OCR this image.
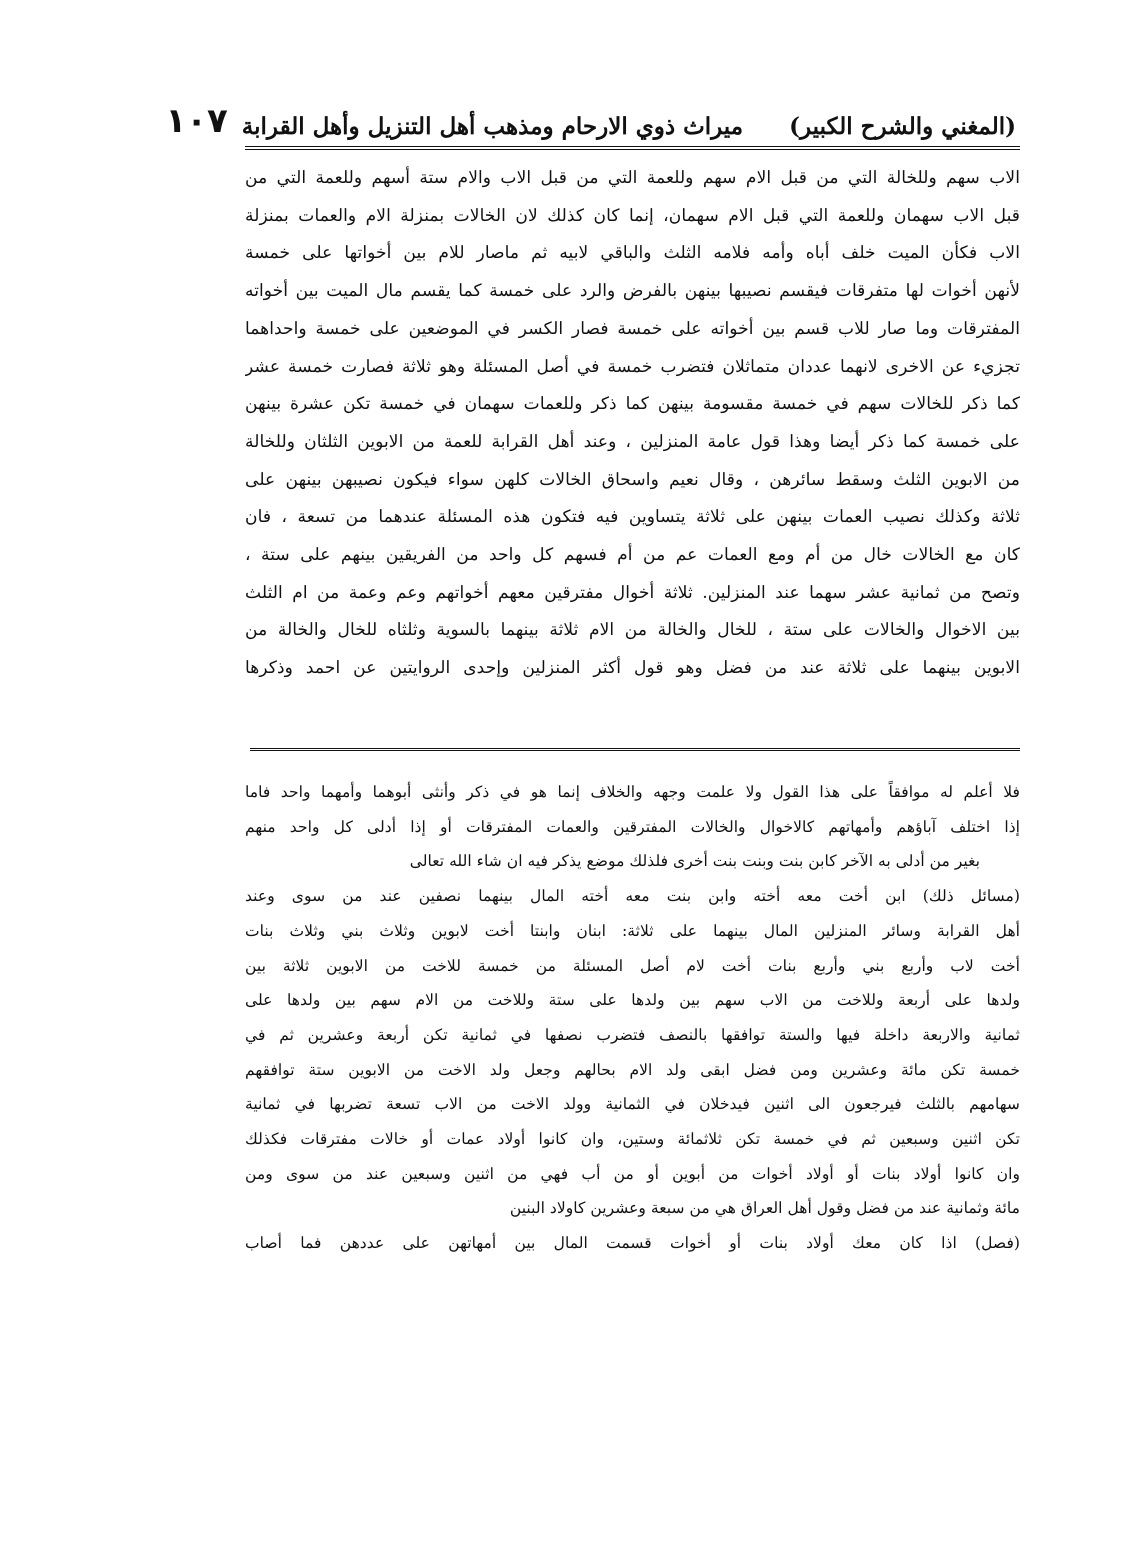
(المغني والشرح الكبير)
ميراث ذوي الارحام ومذهب أهل التنزيل وأهل القرابة
١٠٧

الاب سهم وللخالة التي من قبل الام سهم وللعمة التي من قبل الاب والام ستة أسهم وللعمة التي من

قبل الاب سهمان وللعمة التي قبل الام سهمان، إنما كان كذلك لان الخالات بمنزلة الام والعمات بمنزلة

الاب فكأن الميت خلف أباه وأمه فلامه الثلث والباقي لابيه ثم ماصار للام بين أخواتها على خمسة

لأنهن أخوات لها متفرقات فيقسم نصيبها بينهن بالفرض والرد على خمسة كما يقسم مال الميت بين أخواته

المفترقات وما صار للاب قسم بين أخواته على خمسة فصار الكسر في الموضعين على خمسة واحداهما

تجزيء عن الاخرى لانهما عددان متماثلان فتضرب خمسة في أصل المسئلة وهو ثلاثة فصارت خمسة عشر

كما ذكر للخالات سهم في خمسة مقسومة بينهن كما ذكر وللعمات سهمان في خمسة تكن عشرة بينهن

على خمسة كما ذكر أيضا وهذا قول عامة المنزلين ، وعند أهل القرابة للعمة من الابوين الثلثان وللخالة

من الابوين الثلث وسقط سائرهن ، وقال نعيم واسحاق الخالات كلهن سواء فيكون نصيبهن بينهن على

ثلاثة وكذلك نصيب العمات بينهن على ثلاثة يتساوين فيه فتكون هذه المسئلة عندهما من تسعة ، فان

كان مع الخالات خال من أم ومع العمات عم من أم فسهم كل واحد من الفريقين بينهم على ستة ،

وتصح من ثمانية عشر سهما عند المنزلين. ثلاثة أخوال مفترقين معهم أخواتهم وعم وعمة من ام الثلث

بين الاخوال والخالات على ستة ، للخال والخالة من الام ثلاثة بينهما بالسوية وثلثاه للخال والخالة من

الابوين بينهما على ثلاثة عند من فضل وهو قول أكثر المنزلين وإحدى الروايتين عن احمد وذكرها

فلا أعلم له موافقاً على هذا القول ولا علمت وجهه والخلاف إنما هو في ذكر وأنثى أبوهما وأمهما واحد فاما

إذا اختلف آباؤهم وأمهاتهم كالاخوال والخالات المفترقين والعمات المفترقات أو إذا أدلى كل واحد منهم

بغير من أدلى به الآخر كابن بنت وبنت بنت أخرى فلذلك موضع يذكر فيه ان شاء الله تعالى

(مسائل ذلك) ابن أخت معه أخته وابن بنت معه أخته المال بينهما نصفين عند من سوى وعند

أهل القرابة وسائر المنزلين المال بينهما على ثلاثة: ابنان وابنتا أخت لابوين وثلاث بني وثلاث بنات

أخت لاب وأربع بني وأربع بنات أخت لام أصل المسئلة من خمسة للاخت من الابوين ثلاثة بين

ولدها على أربعة وللاخت من الاب سهم بين ولدها على ستة وللاخت من الام سهم بين ولدها على

ثمانية والاربعة داخلة فيها والستة توافقها بالنصف فتضرب نصفها في ثمانية تكن أربعة وعشرين ثم في

خمسة تكن مائة وعشرين ومن فضل ابقى ولد الام بحالهم وجعل ولد الاخت من الابوين ستة توافقهم

سهامهم بالثلث فيرجعون الى اثنين فيدخلان في الثمانية وولد الاخت من الاب تسعة تضربها في ثمانية

تكن اثنين وسبعين ثم في خمسة تكن ثلاثمائة وستين، وان كانوا أولاد عمات أو خالات مفترقات فكذلك

وان كانوا أولاد بنات أو أولاد أخوات من أبوين أو من أب فهي من اثنين وسبعين عند من سوى ومن

مائة وثمانية عند من فضل وقول أهل العراق هي من سبعة وعشرين كاولاد البنين

(فصل) اذا كان معك أولاد بنات أو أخوات قسمت المال بين أمهاتهن على عددهن فما أصاب
